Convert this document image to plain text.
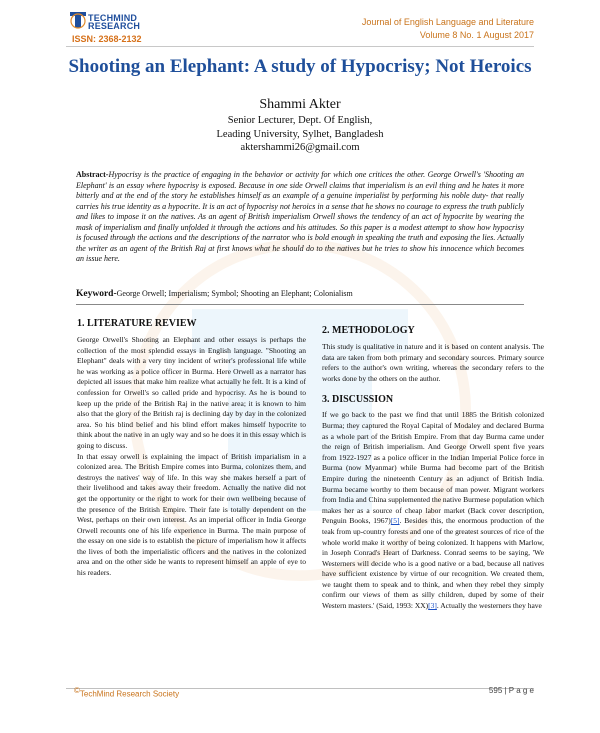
TECHMIND
RESEARCH
ISSN: 2368-2132
Journal of English Language and Literature
Volume 8 No. 1 August 2017
Shooting an Elephant: A study of Hypocrisy; Not Heroics
Shammi Akter
Senior Lecturer, Dept. Of English,
Leading University, Sylhet, Bangladesh
aktershammi26@gmail.com
Abstract-Hypocrisy is the practice of engaging in the behavior or activity for which one critices the other. George Orwell's 'Shooting an Elephant' is an essay where hypocrisy is exposed. Because in one side Orwell claims that imperialism is an evil thing and he hates it more bitterly and at the end of the story he establishes himself as an example of a genuine imperialist by performing his noble duty- that really carries his true identity as a hypocrite. It is an act of hypocrisy not heroics in a sense that he shows no courage to express the truth publicly and likes to impose it on the natives. As an agent of British imperialism Orwell shows the tendency of an act of hypocrite by wearing the mask of imperialism and finally unfolded it through the actions and his attitudes. So this paper is a modest attempt to show how hypocrisy is focused through the actions and the descriptions of the narrator who is bold enough in speaking the truth and exposing the lies. Actually the writer as an agent of the British Raj at first knows what he should do to the natives but he tries to show his innocence which becomes an issue here.
Keyword-George Orwell; Imperialism; Symbol; Shooting an Elephant; Colonialism
1. LITERATURE REVIEW

George Orwell's Shooting an Elephant and other essays is perhaps the collection of the most splendid essays in English language. "Shooting an Elephant" deals with a very tiny incident of writer's professional life while he was working as a police officer in Burma. Here Orwell as a narrator has depicted all issues that make him realize what actually he felt. It is a kind of confession for Orwell's so called pride and hypocrisy. As he is bound to keep up the pride of the British Raj in the native area; it is known to him also that the glory of the British raj is declining day by day in the colonized area. So his blind belief and his blind effort makes himself hypocrite to think about the native in an ugly way and so he does it in this essay which is going to discuss.

In that essay orwell is explaining the impact of British imparialism in a colonized area. The British Empire comes into Burma, colonizes them, and destroys the natives' way of life. In this way she makes herself a part of their livelihood and takes away their freedom. Actually the native did not get the opportunity or the right to work for their own wellbeing because of the presence of the British Empire. Their fate is totally dependent on the West, perhaps on their own interest. As an imperial officer in India George Orwell recounts one of his life experience in Burma. The main purpose of the essay on one side is to establish the picture of imperialism how it affects the lives of both the imperialistic officers and the natives in the colonized area and on the other side he wants to represent himself an apple of eye to his readers.

2. METHODOLOGY

This study is qualitative in nature and it is based on content analysis. The data are taken from both primary and secondary sources. Primary source refers to the author's own writing, whereas the secondary refers to the works done by the others on the author.

3. DISCUSSION

If we go back to the past we find that until 1885 the British colonized Burma; they captured the Royal Capital of Modaley and declared Burma as a whole part of the British Empire. From that day Burma came under the reign of British imperialism. And George Orwell spent five years from 1922-1927 as a police officer in the Indian Imperial Police force in Burma (now Myanmar) while Burma had become part of the British Empire during the nineteenth Century as an adjunct of British India. Burma became worthy to them because of man power. Migrant workers from India and China supplemented the native Burmese population which makes her as a source of cheap labor market (Back cover description, Penguin Books, 1967)[5]. Besides this, the enormous production of the teak from up-country forests and one of the greatest sources of rice of the whole world make it worthy of being colonized. It happens with Marlow, in Joseph Conrad's Heart of Darkness. Conrad seems to be saying, 'We Westerners will decide who is a good native or a bad, because all natives have sufficient existence by virtue of our recognition. We created them, we taught them to speak and to think, and when they rebel they simply confirm our views of them as silly children, duped by some of their Western masters.' (Said, 1993: XX)[3]. Actually the westerners they have

©TechMind Research Society	595 | P a g e
